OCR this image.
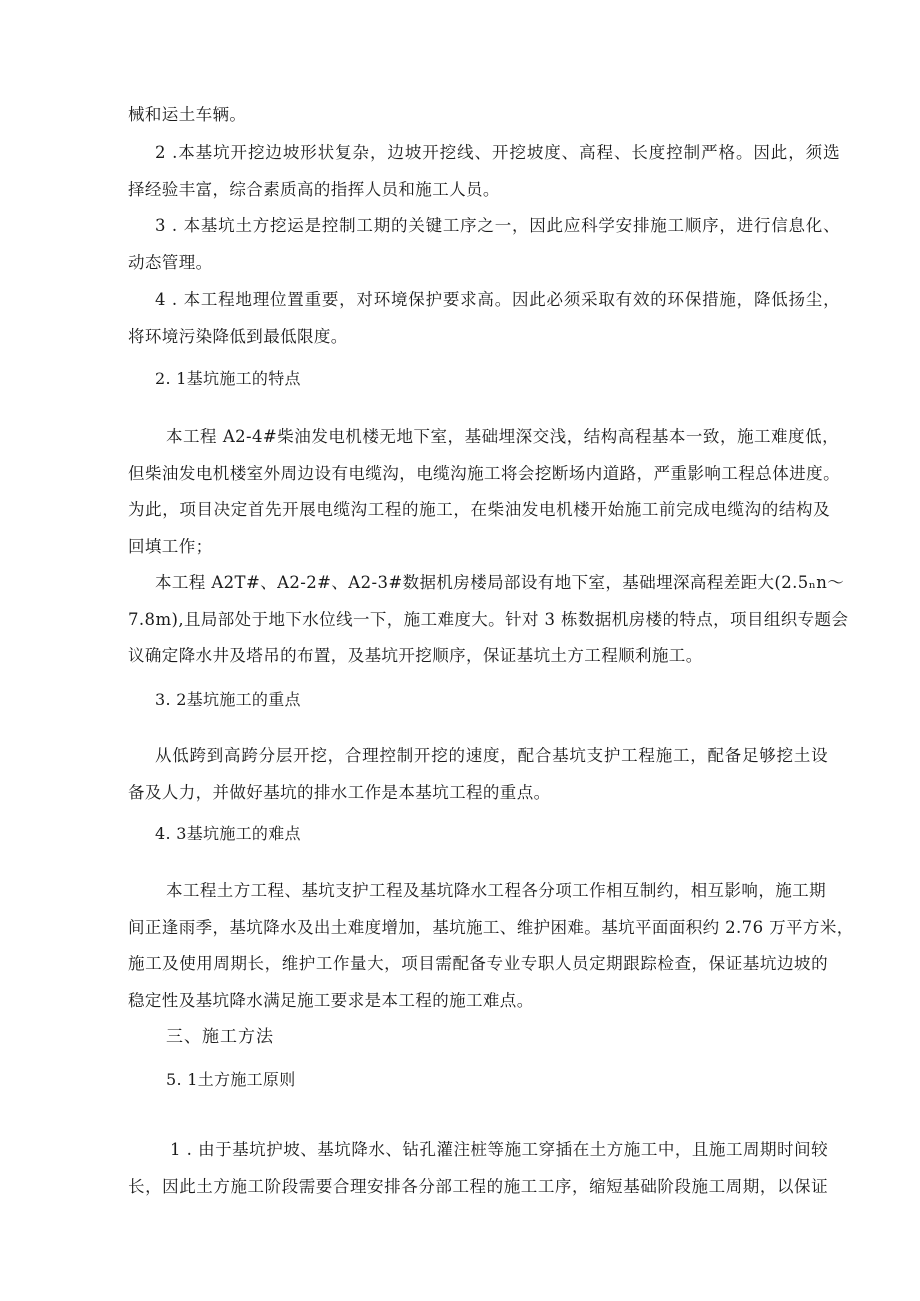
械和运土车辆。
2 .本基坑开挖边坡形状复杂，边坡开挖线、开挖坡度、高程、长度控制严格。因此，须选
择经验丰富，综合素质高的指挥人员和施工人员。
3 . 本基坑土方挖运是控制工期的关键工序之一，因此应科学安排施工顺序，进行信息化、
动态管理。
4 . 本工程地理位置重要，对环境保护要求高。因此必须采取有效的环保措施，降低扬尘，
将环境污染降低到最低限度。
2. 1基坑施工的特点
本工程 A2-4#柴油发电机楼无地下室，基础埋深交浅，结构高程基本一致，施工难度低，
但柴油发电机楼室外周边设有电缆沟，电缆沟施工将会挖断场内道路，严重影响工程总体进度。
为此，项目决定首先开展电缆沟工程的施工，在柴油发电机楼开始施工前完成电缆沟的结构及
回填工作；
本工程 A2T#、A2-2#、A2-3#数据机房楼局部设有地下室，基础埋深高程差距大(2.5ₙn～
7.8m),且局部处于地下水位线一下，施工难度大。针对 3 栋数据机房楼的特点，项目组织专题会
议确定降水井及塔吊的布置，及基坑开挖顺序，保证基坑土方工程顺利施工。
3. 2基坑施工的重点
从低跨到高跨分层开挖，合理控制开挖的速度，配合基坑支护工程施工，配备足够挖土设
备及人力，并做好基坑的排水工作是本基坑工程的重点。
4. 3基坑施工的难点
本工程土方工程、基坑支护工程及基坑降水工程各分项工作相互制约，相互影响，施工期
间正逢雨季，基坑降水及出土难度增加，基坑施工、维护困难。基坑平面面积约 2.76 万平方米，
施工及使用周期长，维护工作量大，项目需配备专业专职人员定期跟踪检查，保证基坑边坡的
稳定性及基坑降水满足施工要求是本工程的施工难点。
三、施工方法
5. 1土方施工原则
1 . 由于基坑护坡、基坑降水、钻孔灌注桩等施工穿插在土方施工中，且施工周期时间较
长，因此土方施工阶段需要合理安排各分部工程的施工工序，缩短基础阶段施工周期，以保证
